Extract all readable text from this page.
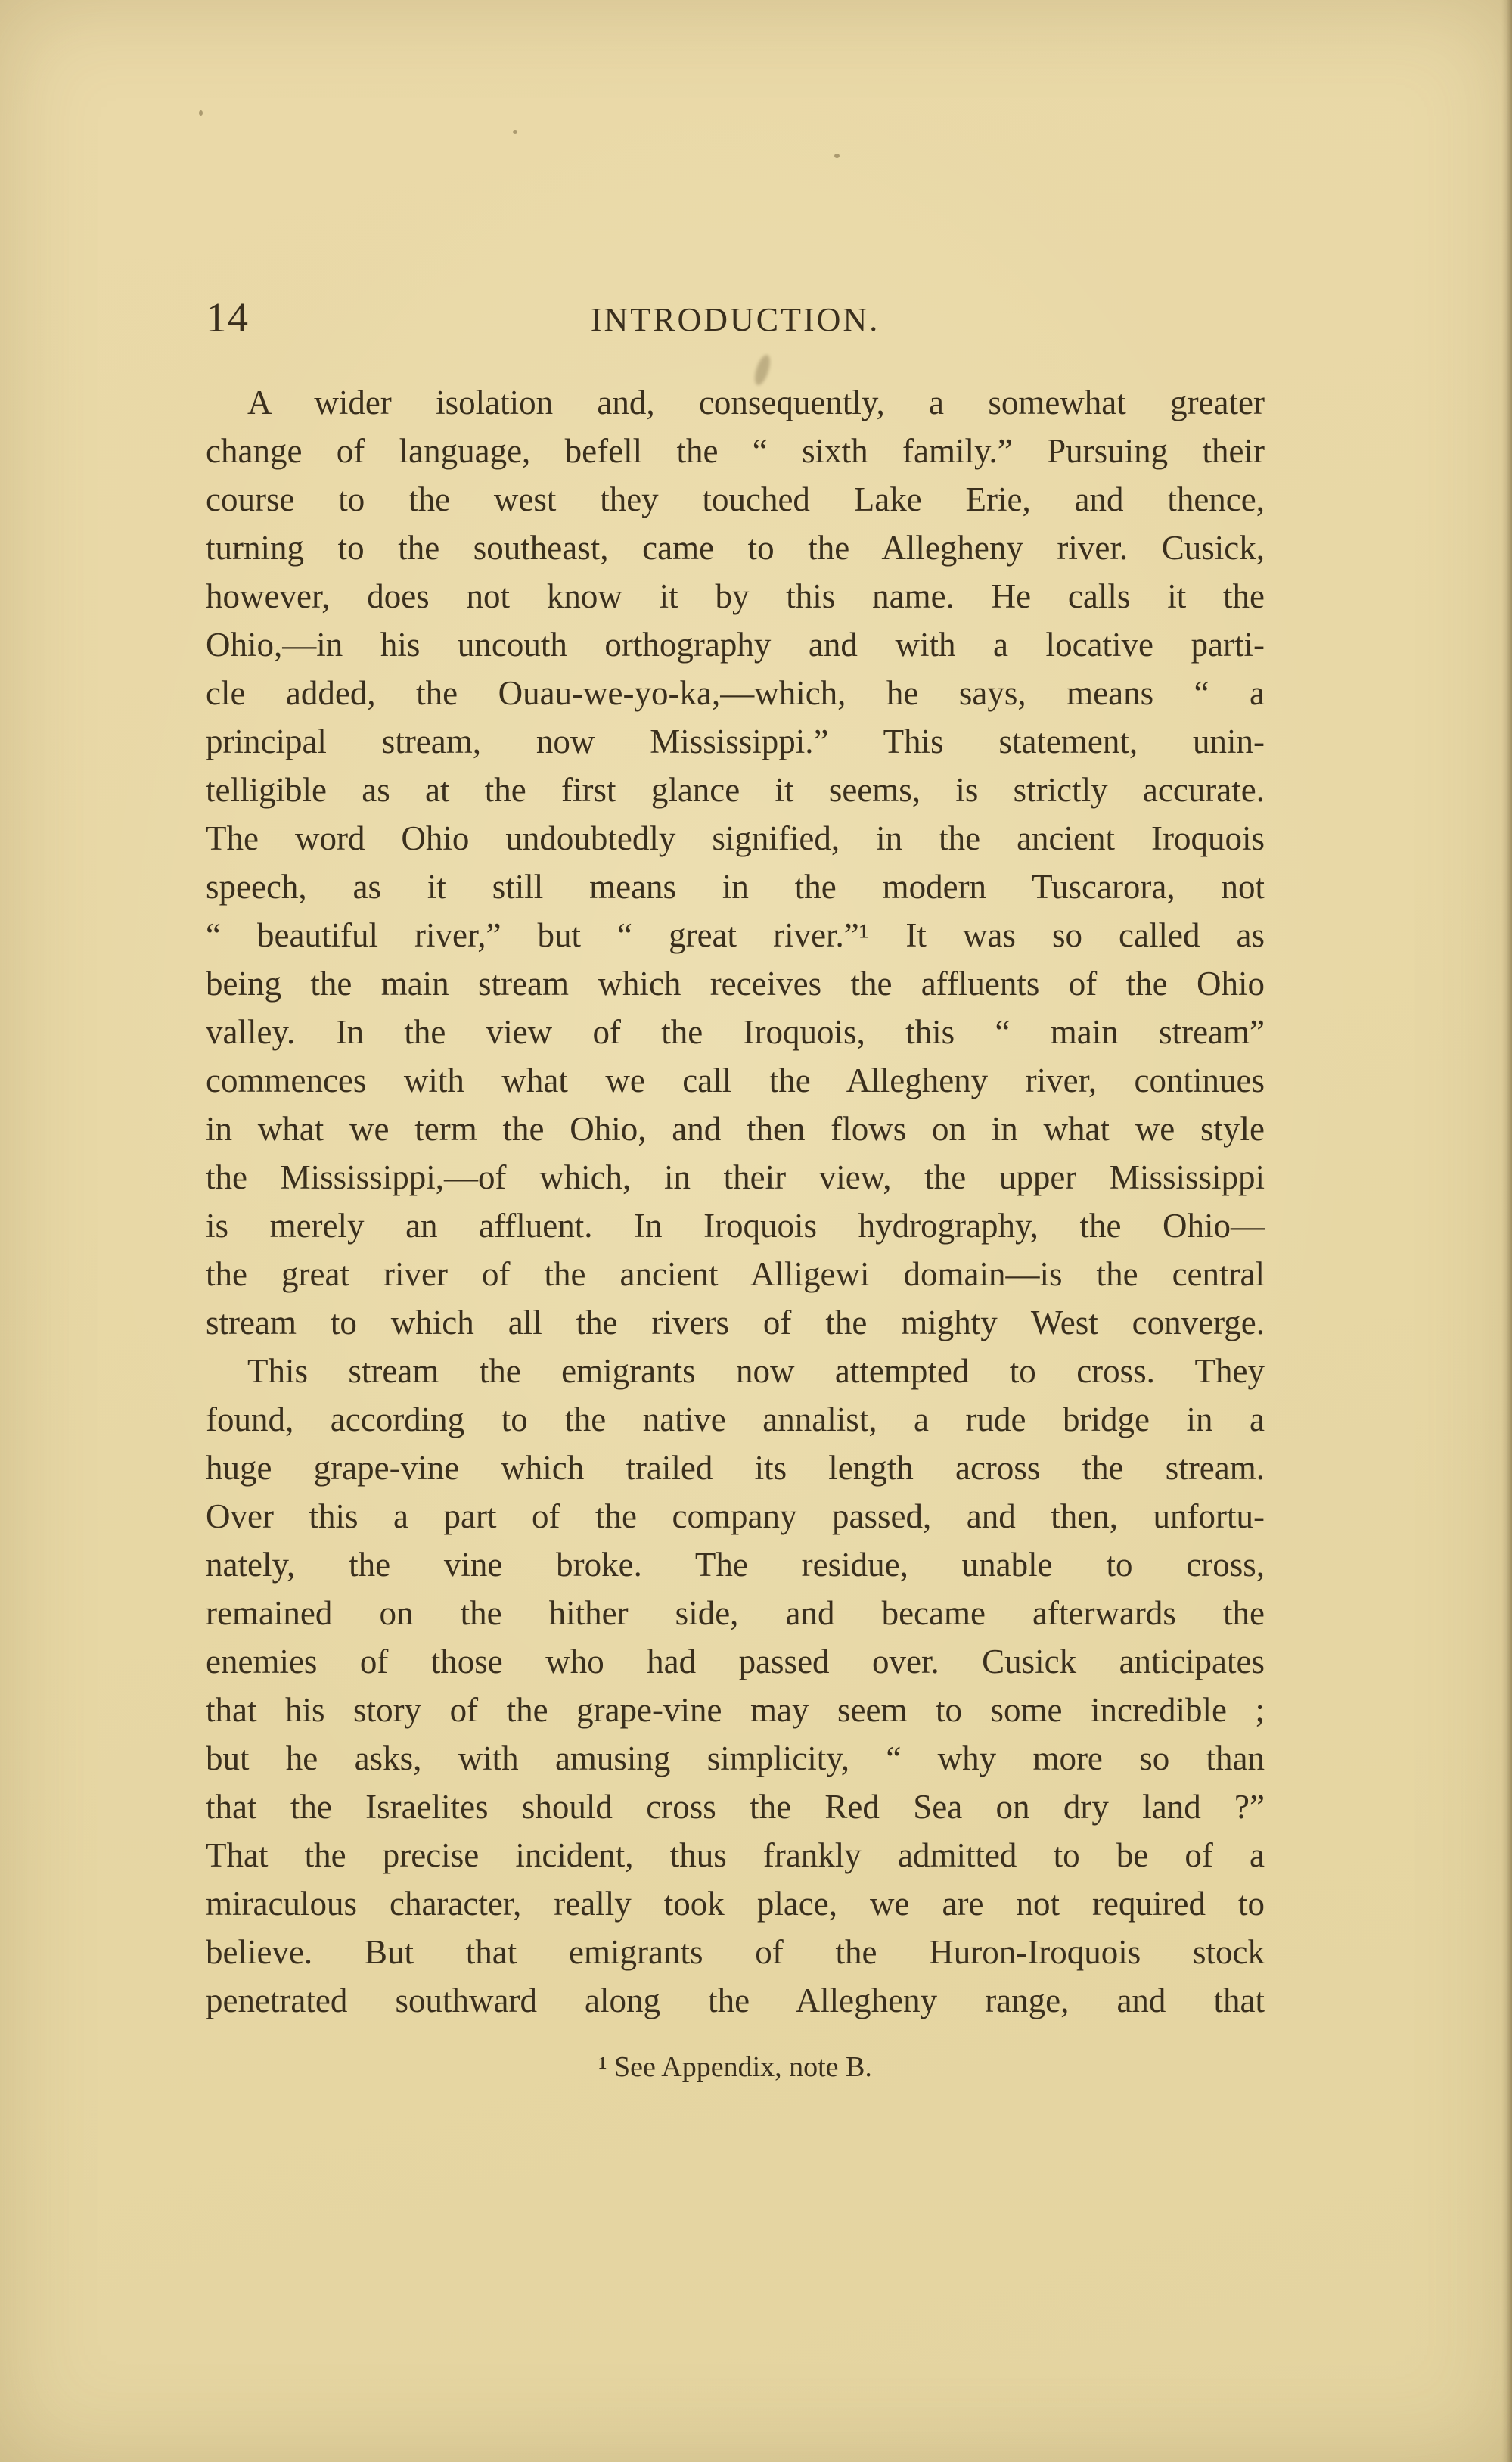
14	INTRODUCTION.
A wider isolation and, consequently, a somewhat greater
change of language, befell the “ sixth family.” Pursuing their
course to the west they touched Lake Erie, and thence,
turning to the southeast, came to the Allegheny river. Cusick,
however, does not know it by this name. He calls it the
Ohio,—in his uncouth orthography and with a locative parti-
cle added, the Ouau-we-yo-ka,—which, he says, means “ a
principal stream, now Mississippi.” This statement, unin-
telligible as at the first glance it seems, is strictly accurate.
The word Ohio undoubtedly signified, in the ancient Iroquois
speech, as it still means in the modern Tuscarora, not
“ beautiful river,” but “ great river.”¹ It was so called as
being the main stream which receives the affluents of the Ohio
valley. In the view of the Iroquois, this “ main stream”
commences with what we call the Allegheny river, continues
in what we term the Ohio, and then flows on in what we style
the Mississippi,—of which, in their view, the upper Mississippi
is merely an affluent. In Iroquois hydrography, the Ohio—
the great river of the ancient Alligewi domain—is the central
stream to which all the rivers of the mighty West converge.
This stream the emigrants now attempted to cross. They
found, according to the native annalist, a rude bridge in a
huge grape-vine which trailed its length across the stream.
Over this a part of the company passed, and then, unfortu-
nately, the vine broke. The residue, unable to cross,
remained on the hither side, and became afterwards the
enemies of those who had passed over. Cusick anticipates
that his story of the grape-vine may seem to some incredible ;
but he asks, with amusing simplicity, “ why more so than
that the Israelites should cross the Red Sea on dry land ?”
That the precise incident, thus frankly admitted to be of a
miraculous character, really took place, we are not required to
believe. But that emigrants of the Huron-Iroquois stock
penetrated southward along the Allegheny range, and that
¹ See Appendix, note B.
